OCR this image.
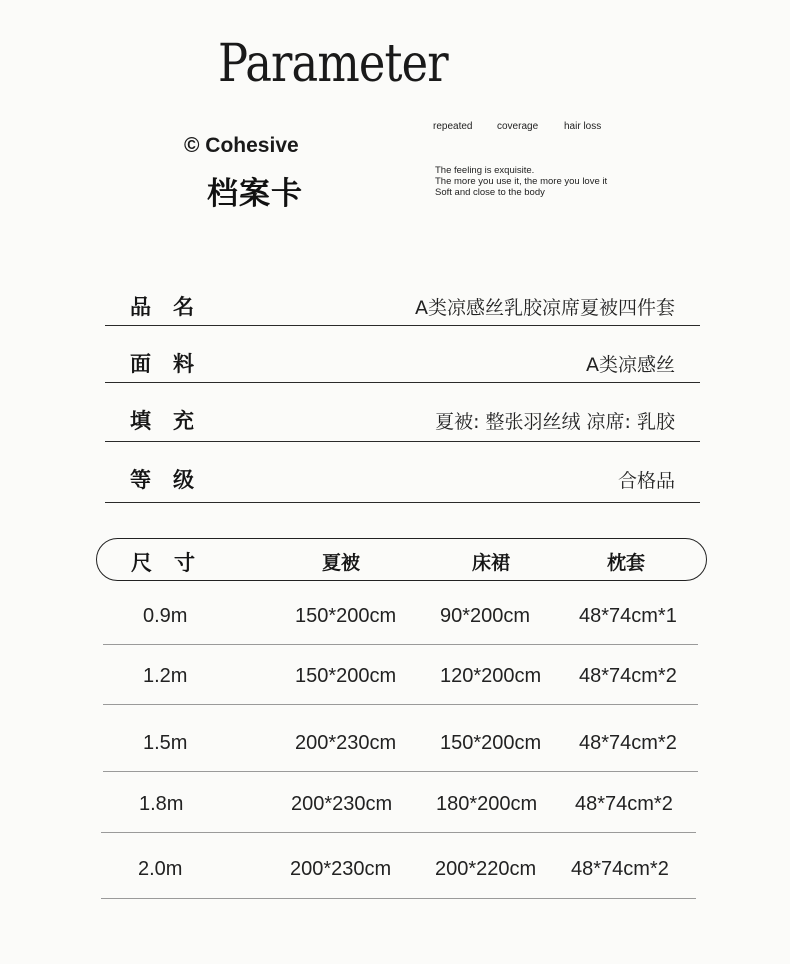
Parameter
© Cohesive
档案卡
repeated coverage	hair loss
The feeling is exquisite.
The more you use it, the more you love it
Soft and close to the body
品名	A类凉感丝乳胶凉席夏被四件套
面料	A类凉感丝
填充	夏被: 整张羽丝绒 凉席: 乳胶
等级	合格品
尺寸	夏被	床裙	枕套
0.9m	150*200cm 90*200cm 48*74cm*1
1.2m	150*200cm 120*200cm 48*74cm*2
1.5m	200*230cm 150*200cm 48*74cm*2
1.8m	200*230cm 180*200cm 48*74cm*2
2.0m	200*230cm 200*220cm 48*74cm*2
